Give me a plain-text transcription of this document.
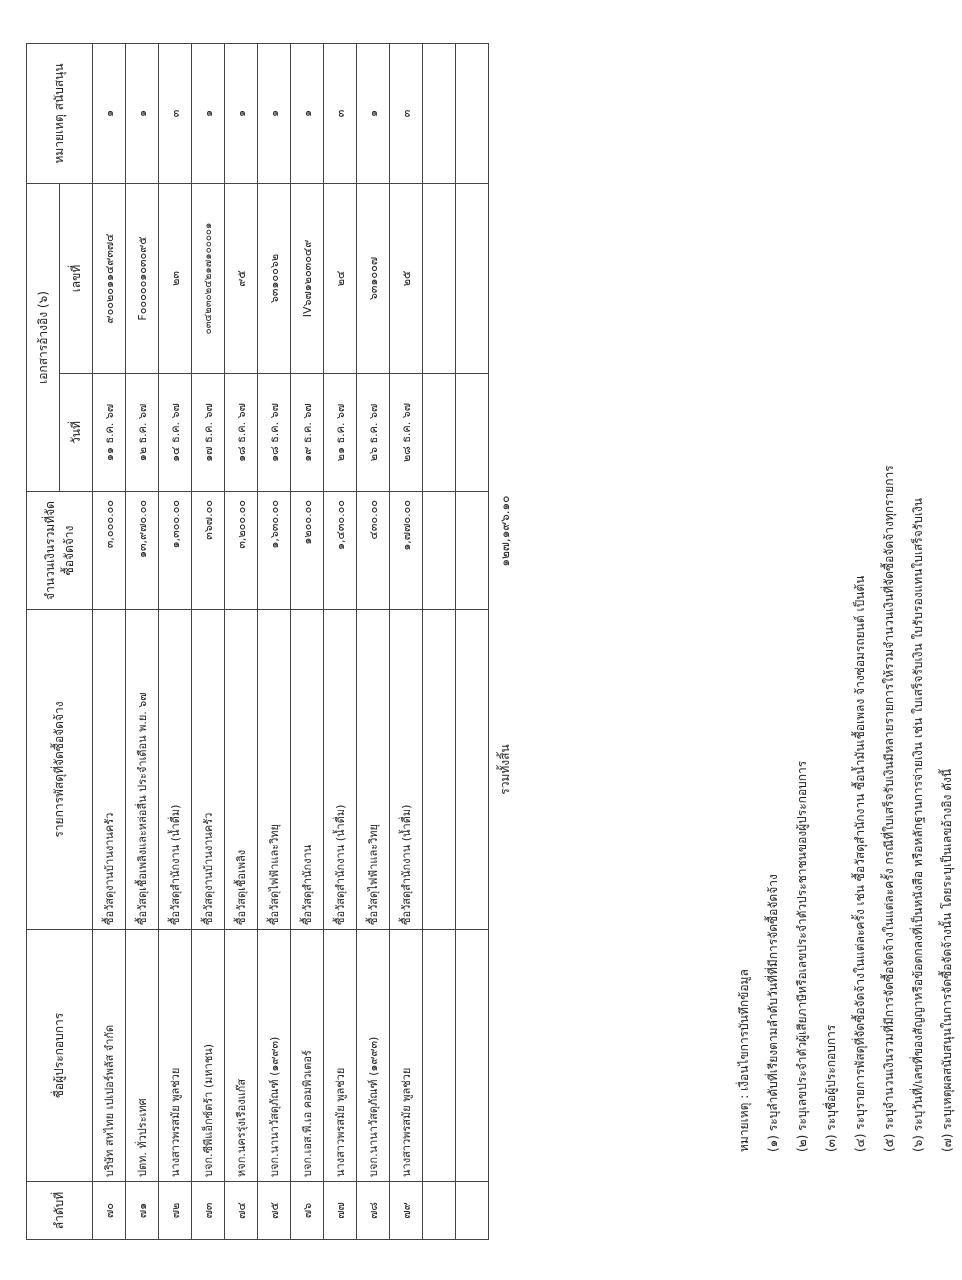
ลำดับที่	ชื่อผู้ประกอบการ	รายการพัสดุที่จัดซื้อจัดจ้าง	จำนวนเงินรวมที่จัดซื้อจัดจ้าง	เอกสารอ้างอิง (๖)		หมายเหตุ สนับสนุน
				วันที่	เลขที่	
๗๐	บริษัท สหไทย เปเปอร์พลัส จำกัด	ซื้อวัสดุงานบ้านงานครัว	๓,๐๐๐.๐๐	๑๑ ธ.ค. ๖๗	๙๐๐๒๐๑๑๔๙๓๗๔	๑
๗๑	ปตท. ทั่วประเทศ	ซื้อวัสดุเชื้อเพลิงและหล่อลื่น ประจำเดือน พ.ย. ๖๗	๑๓,๙๗๐.๐๐	๑๒ ธ.ค. ๖๗	F๐๐๐๐๐๑๐๓๐๙๕	๑
๗๒	นางสาวพรสมัย พูลช่วย	ซื้อวัสดุสำนักงาน (น้ำดื่ม)	๑,๓๐๐.๐๐	๑๔ ธ.ค. ๖๗	๒๓	๓
๗๓	บจก.ซีพีแอ็กซ์ตร้า (มหาชน)	ซื้อวัสดุงานบ้านงานครัว	๓๖๗.๐๐	๑๗ ธ.ค. ๖๗	๐๓๔๒๓๐๒๔๒๑๗๑๐๐๐๐๑	๑
๗๔	หจก.นครรุ่งเรืองแก๊ส	ซื้อวัสดุเชื้อเพลิง	๓,๒๐๐.๐๐	๑๘ ธ.ค. ๖๗	๙๕	๑
๗๕	บจก.นานาวัสดุภัณฑ์ (๑๙๙๓)	ซื้อวัสดุไฟฟ้าและวิทยุ	๑,๖๓๐.๐๐	๑๘ ธ.ค. ๖๗	๖๓๑๐๐๖๒	๑
๗๖	บจก.เอส.พี.เอ คอมพิวเตอร์	ซื้อวัสดุสำนักงาน	๑๒๐๐.๐๐	๑๙ ธ.ค. ๖๗	IV๖๗๑๒๐๓๐๔๙	๑
๗๗	นางสาวพรสมัย พูลช่วย	ซื้อวัสดุสำนักงาน (น้ำดื่ม)	๑,๔๓๐.๐๐	๒๑ ธ.ค. ๖๗	๒๔	๓
๗๘	บจก.นานาวัสดุภัณฑ์ (๑๙๙๓)	ซื้อวัสดุไฟฟ้าและวิทยุ	๔๓๐.๐๐	๒๖ ธ.ค. ๖๗	๖๓๑๐๐๗	๑
๗๙	นางสาวพรสมัย พูลช่วย	ซื้อวัสดุสำนักงาน (น้ำดื่ม)	๑,๗๗๐.๐๐	๒๘ ธ.ค. ๖๗	๒๕	๓

		รวมทั้งสิ้น	๑๒๗,๑๙๖.๑๐			
หมายเหตุ : เงื่อนไขการบันทึกข้อมูล	(๑) ระบุลำดับที่เรียงตามลำดับวันที่ที่มีการจัดซื้อจัดจ้าง	(๒) ระบุเลขประจำตัวผู้เสียภาษีหรือเลขประจำตัวประชาชนของผู้ประกอบการ	(๓) ระบุชื่อผู้ประกอบการ	(๔) ระบุรายการพัสดุที่จัดซื้อจัดจ้างในแต่ละครั้ง เช่น ซื้อวัสดุสำนักงาน ซื้อน้ำมันเชื้อเพลง จ้างซ่อมรถยนต์ เป็นต้น	(๕) ระบุจำนวนเงินรวมที่มีการจัดซื้อจัดจ้างในแต่ละครั้ง กรณีที่ใบเสร็จรับเงินมีหลายรายการให้รวมจำนวนเงินที่จัดซื้อจัดจ้างทุกรายการ	(๖) ระบุวันที่/เลขที่ของสัญญาหรือข้อตกลงที่เป็นหนังสือ หรือหลักฐานการจ่ายเงิน เช่น ใบเสร็จรับเงิน ใบรับรองแทนใบเสร็จรับเงิน	(๗) ระบุเหตุผลสนับสนุนในการจัดซื้อจัดจ้างนั้น โดยระบุเป็นเลขอ้างอิง ดังนี้
